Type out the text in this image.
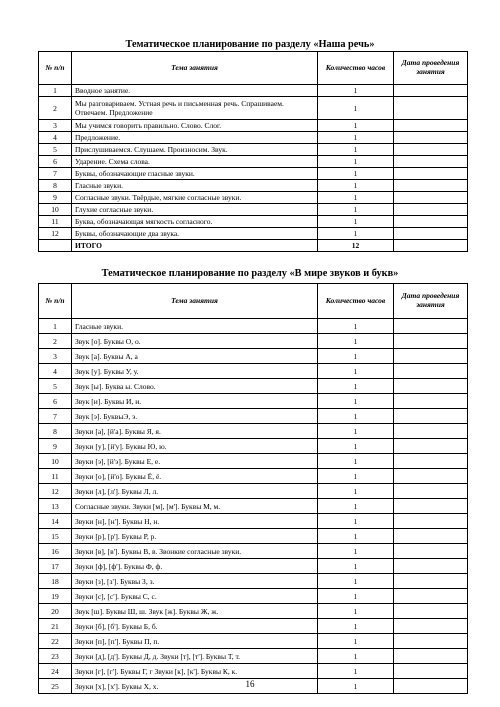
Тематическое планирование по разделу «Наша речь»
№ п/п	Тема занятия	Количество часов	Дата проведения занятия
1	Вводное занятие.	1	
2	Мы разговариваем. Устная речь и письменная речь. Спрашиваем. Отвечаем. Предложение	1	
3	Мы учимся говорить правильно. Слово. Слог.	1	
4	Предложение.	1	
5	Прислушиваемся. Слушаем. Произносим. Звук.	1	
6	Ударение. Схема слова.	1	
7	Буквы, обозначающие гласные звуки.	1	
8	Гласные звуки.	1	
9	Согласные звуки. Твёрдые, мягкие согласные звуки.	1	
10	Глухие согласные звуки.	1	
11	Буква, обозначающая мягкость согласного.	1	
12	Буквы, обозначающие два звука.	1	
	ИТОГО	12	
Тематическое планирование по разделу «В мире звуков и букв»
№ п/п	Тема занятия	Количество часов	Дата проведения занятия
1	Гласные звуки.	1	
2	Звук [о]. Буквы О, о.	1	
3	Звук [а]. Буквы А, а	1	
4	Звук [у]. Буквы У, у.	1	
5	Звук [ы]. Буква ы. Слово.	1	
6	Звук [и]. Буквы И, и.	1	
7	Звук [э]. БуквыЭ, э.	1	
8	Звуки [а], [й'а]. Буквы Я, я.	1	
9	Звуки [у], [й'у]. Буквы Ю, ю.	1	
10	Звуки [э], [й'э]. Буквы Е, е.	1	
11	Звуки [о], [й'о]. Буквы Ё, ё.	1	
12	Звуки [л], [л']. Буквы Л, л.	1	
13	Согласные звуки. Звуки [м], [м']. Буквы М, м.	1	
14	Звуки [н], [н']. Буквы Н, н.	1	
15	Звуки [р], [р']. Буквы Р, р.	1	
16	Звуки [в], [в']. Буквы В, в. Звонкие согласные звуки.	1	
17	Звуки [ф], [ф']. Буквы Ф, ф.	1	
18	Звуки [з], [з']. Буквы З, з.	1	
19	Звуки [с], [с']. Буквы С, с.	1	
20	Звук [ш]. Буквы Ш, ш. Звук [ж]. Буквы Ж, ж.	1	
21	Звуки [б], [б']. Буквы Б, б.	1	
22	Звуки [п], [п']. Буквы П, п.	1	
23	Звуки [д], [д']. Буквы Д, д. Звуки [т], [т']. Буквы Т, т.	1	
24	Звуки [г], [г']. Буквы Г, г Звуки [к], [к']. Буквы К, к.	1	
25	Звуки [х], [х']. Буквы Х, х.	1	
16
